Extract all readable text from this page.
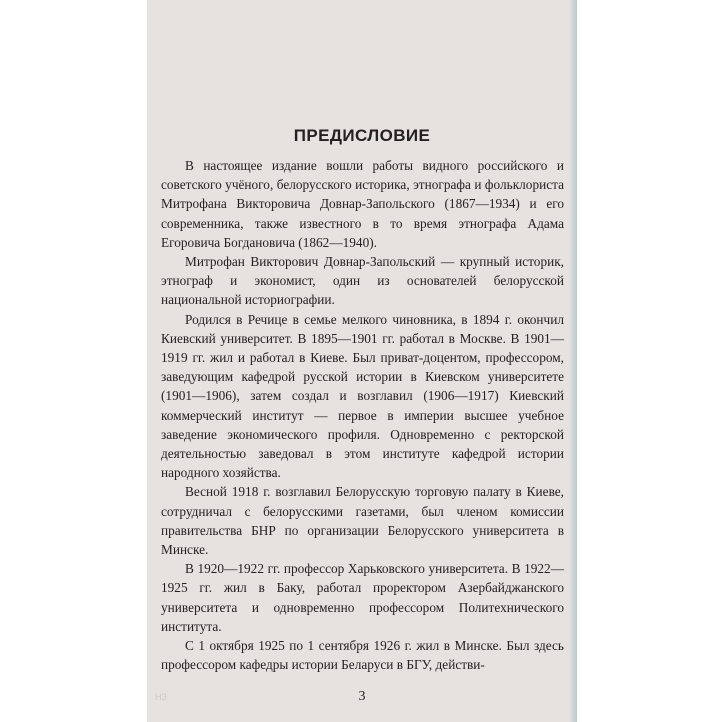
ПРЕДИСЛОВИЕ

В настоящее издание вошли работы видного российского и советского учёного, белорусского историка, этнографа и фольклориста Митрофана Викторовича Довнар-Запольского (1867—1934) и его современника, также известного в то время этнографа Адама Егоровича Богдановича (1862—1940).

Митрофан Викторович Довнар-Запольский — крупный историк, этнограф и экономист, один из основателей белорусской национальной историографии.

Родился в Речице в семье мелкого чиновника, в 1894 г. окончил Киевский университет. В 1895—1901 гг. работал в Москве. В 1901—1919 гг. жил и работал в Киеве. Был приват-доцентом, профессором, заведующим кафедрой русской истории в Киевском университете (1901—1906), затем создал и возглавил (1906—1917) Киевский коммерческий институт — первое в империи высшее учебное заведение экономического профиля. Одновременно с ректорской деятельностью заведовал в этом институте кафедрой истории народного хозяйства.

Весной 1918 г. возглавил Белорусскую торговую палату в Киеве, сотрудничал с белорусскими газетами, был членом комиссии правительства БНР по организации Белорусского университета в Минске.

В 1920—1922 гг. профессор Харьковского университета. В 1922—1925 гг. жил в Баку, работал проректором Азербайджанского университета и одновременно профессором Политехнического института.

С 1 октября 1925 по 1 сентября 1926 г. жил в Минске. Был здесь профессором кафедры истории Беларуси в БГУ, действи-

НЗ	3
